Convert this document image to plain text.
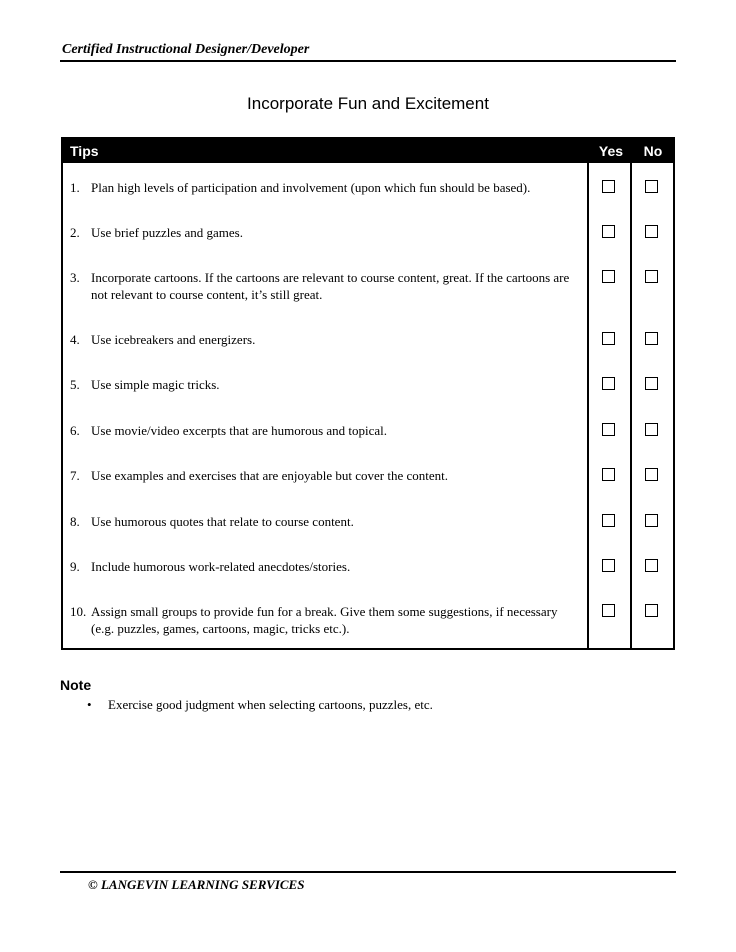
Certified Instructional Designer/Developer
Incorporate Fun and Excitement
Tips	Yes	No
1. Plan high levels of participation and involvement (upon which fun should be based).
2. Use brief puzzles and games.
3. Incorporate cartoons. If the cartoons are relevant to course content, great. If the cartoons are not relevant to course content, it’s still great.
4. Use icebreakers and energizers.
5. Use simple magic tricks.
6. Use movie/video excerpts that are humorous and topical.
7. Use examples and exercises that are enjoyable but cover the content.
8. Use humorous quotes that relate to course content.
9. Include humorous work-related anecdotes/stories.
10. Assign small groups to provide fun for a break. Give them some suggestions, if necessary (e.g. puzzles, games, cartoons, magic, tricks etc.).
Note
• Exercise good judgment when selecting cartoons, puzzles, etc.
© LANGEVIN LEARNING SERVICES
